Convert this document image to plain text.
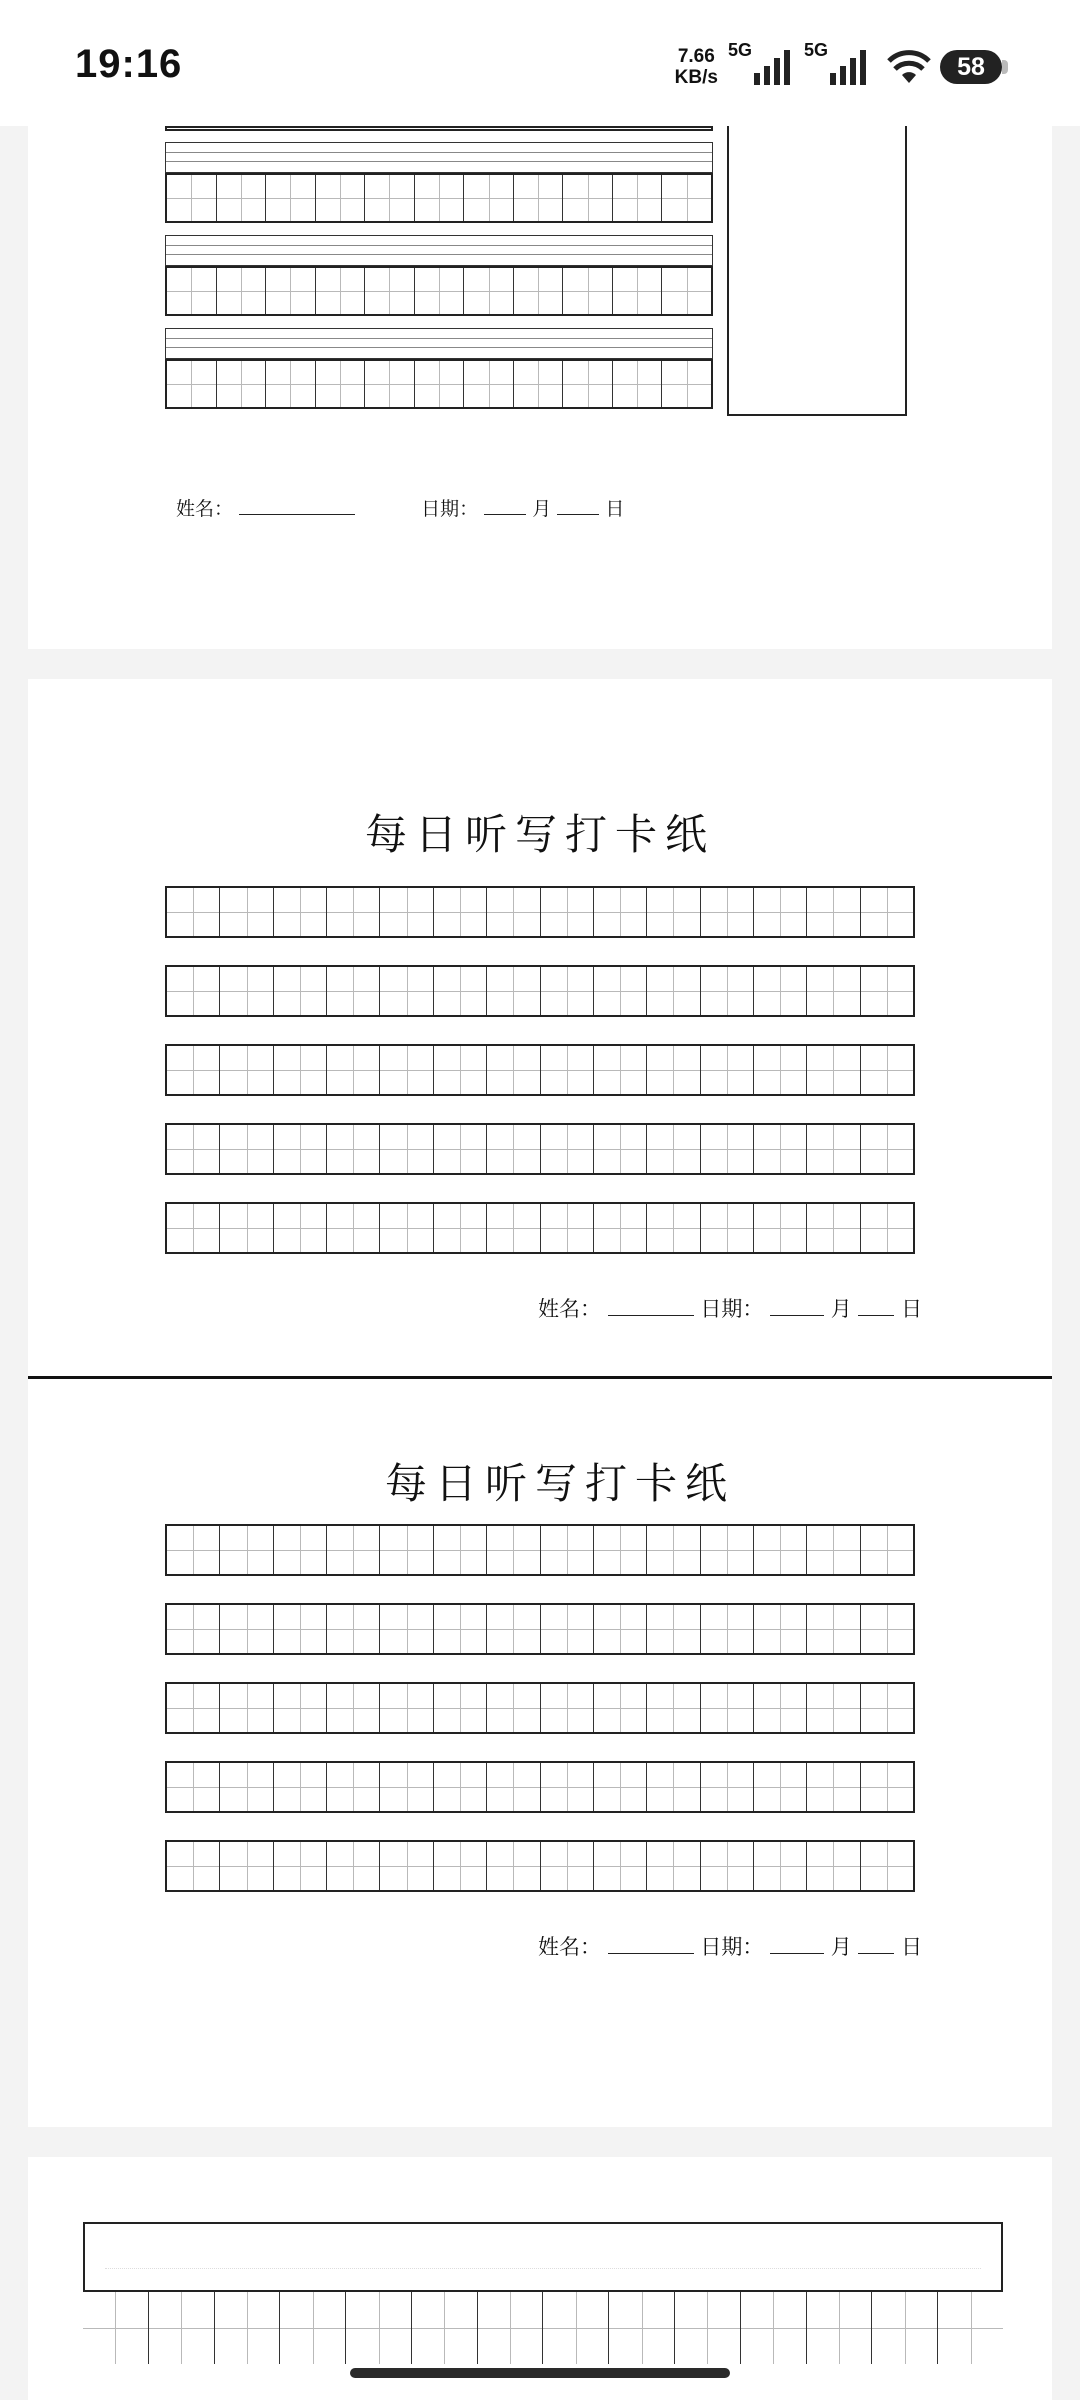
19:16	7.66
KB/s
5G	5G
58
姓名：	日期：	月	日
每日听写打卡纸
姓名：	日期：	月 日
每日听写打卡纸
姓名：	日期：	月 日
